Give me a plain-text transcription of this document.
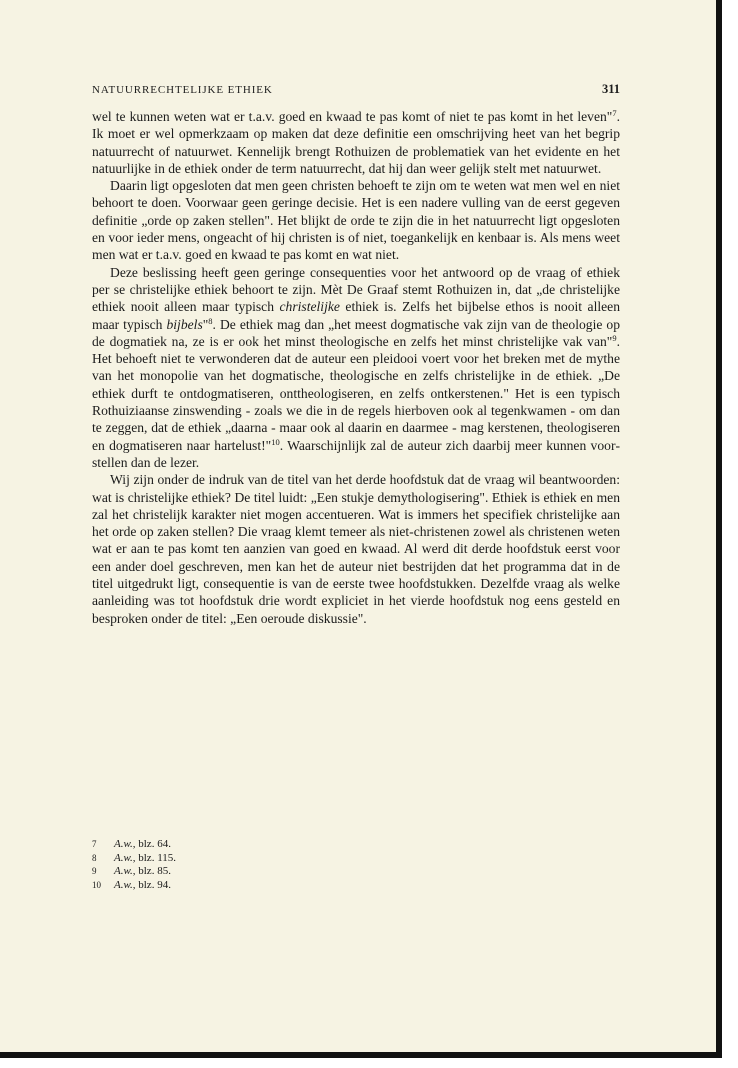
NATUURRECHTELIJKE ETHIEK	311

wel te kunnen weten wat er t.a.v. goed en kwaad te pas komt of niet te pas komt in het leven"$^7$. Ik moet er wel opmerkzaam op maken dat deze definitie een omschrijving heet van het begrip natuurrecht of natuurwet. Kennelijk brengt Rothuizen de problematiek van het evidente en het natuurlijke in de ethiek onder de term natuurrecht, dat hij dan weer gelijk stelt met natuurwet.

Daarin ligt opgesloten dat men geen christen behoeft te zijn om te weten wat men wel en niet behoort te doen. Voorwaar geen geringe decisie. Het is een nadere vulling van de eerst gegeven definitie „orde op zaken stellen". Het blijkt de orde te zijn die in het natuurrecht ligt opgesloten en voor ieder mens, ongeacht of hij christen is of niet, toegankelijk en kenbaar is. Als mens weet men wat er t.a.v. goed en kwaad te pas komt en wat niet.

Deze beslissing heeft geen geringe consequenties voor het antwoord op de vraag of ethiek per se christelijke ethiek behoort te zijn. Mèt De Graaf stemt Rothuizen in, dat „de christelijke ethiek nooit alleen maar typisch christelijke ethiek is. Zelfs het bijbelse ethos is nooit alleen maar typisch bijbels"$^8$. De ethiek mag dan „het meest dogmatische vak zijn van de theologie op de dogmatiek na, ze is er ook het minst theologische en zelfs het minst christelijke vak van"$^9$. Het behoeft niet te verwonderen dat de auteur een pleidooi voert voor het breken met de mythe van het monopolie van het dogmatische, theologische en zelfs christelijke in de ethiek. „De ethiek durft te ontdogmatiseren, onttheologiseren, en zelfs ontkerstenen." Het is een typisch Rothuiziaanse zinswending - zoals we die in de regels hierboven ook al tegenkwamen - om dan te zeggen, dat de ethiek „daarna - maar ook al daarin en daarmee - mag kerstenen, theologiseren en dogmatiseren naar hartelust!"$^{10}$. Waarschijnlijk zal de auteur zich daarbij meer kunnen voorstellen dan de lezer.

Wij zijn onder de indruk van de titel van het derde hoofdstuk dat de vraag wil beantwoorden: wat is christelijke ethiek? De titel luidt: „Een stukje demythologisering". Ethiek is ethiek en men zal het christelijk karakter niet mogen accentueren. Wat is immers het specifiek christelijke aan het orde op zaken stellen? Die vraag klemt temeer als niet-christenen zowel als christenen weten wat er aan te pas komt ten aanzien van goed en kwaad. Al werd dit derde hoofdstuk eerst voor een ander doel geschreven, men kan het de auteur niet bestrijden dat het programma dat in de titel uitgedrukt ligt, consequentie is van de eerste twee hoofdstukken. Dezelfde vraag als welke aanleiding was tot hoofdstuk drie wordt expliciet in het vierde hoofdstuk nog eens gesteld en besproken onder de titel: „Een oeroude diskussie".

7	A.w.,
blz. 64.
8	A.w.,
blz. 115.
9	A.w.,
blz. 85.
10	A.w.,
blz. 94.
